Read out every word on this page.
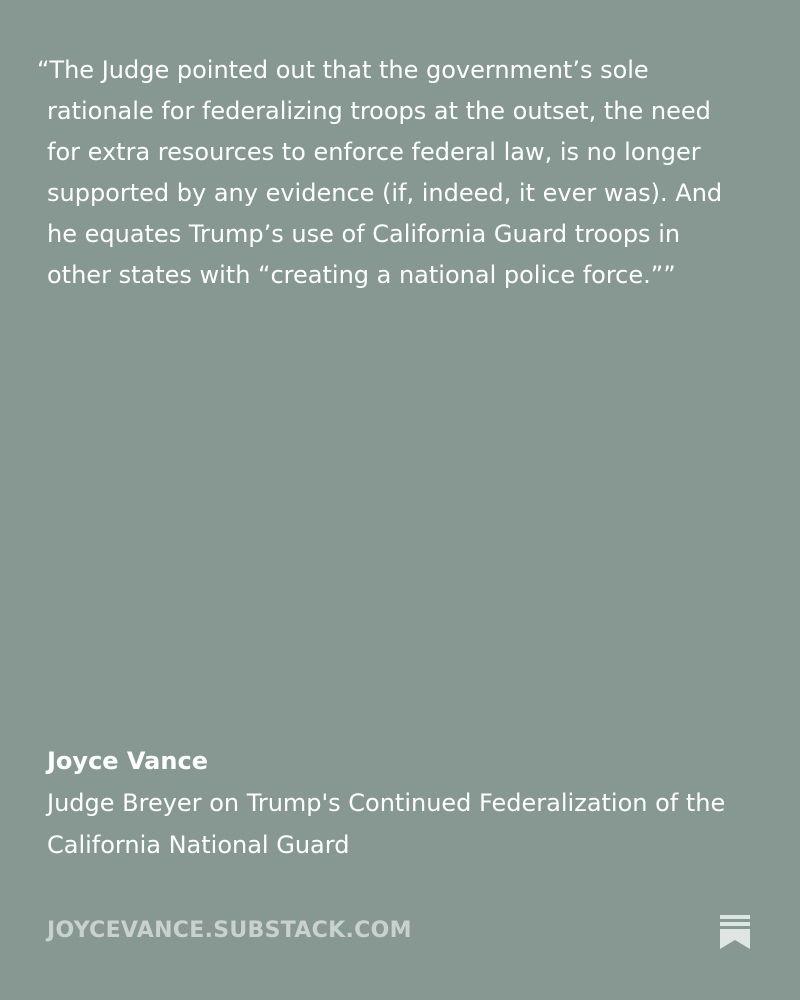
“The Judge pointed out that the government’s sole rationale for federalizing troops at the outset, the need for extra resources to enforce federal law, is no longer supported by any evidence (if, indeed, it ever was). And he equates Trump’s use of California Guard troops in other states with “creating a national police force.””

Joyce Vance

Judge Breyer on Trump's Continued Federalization of the California National Guard

JOYCEVANCE.SUBSTACK.COM
